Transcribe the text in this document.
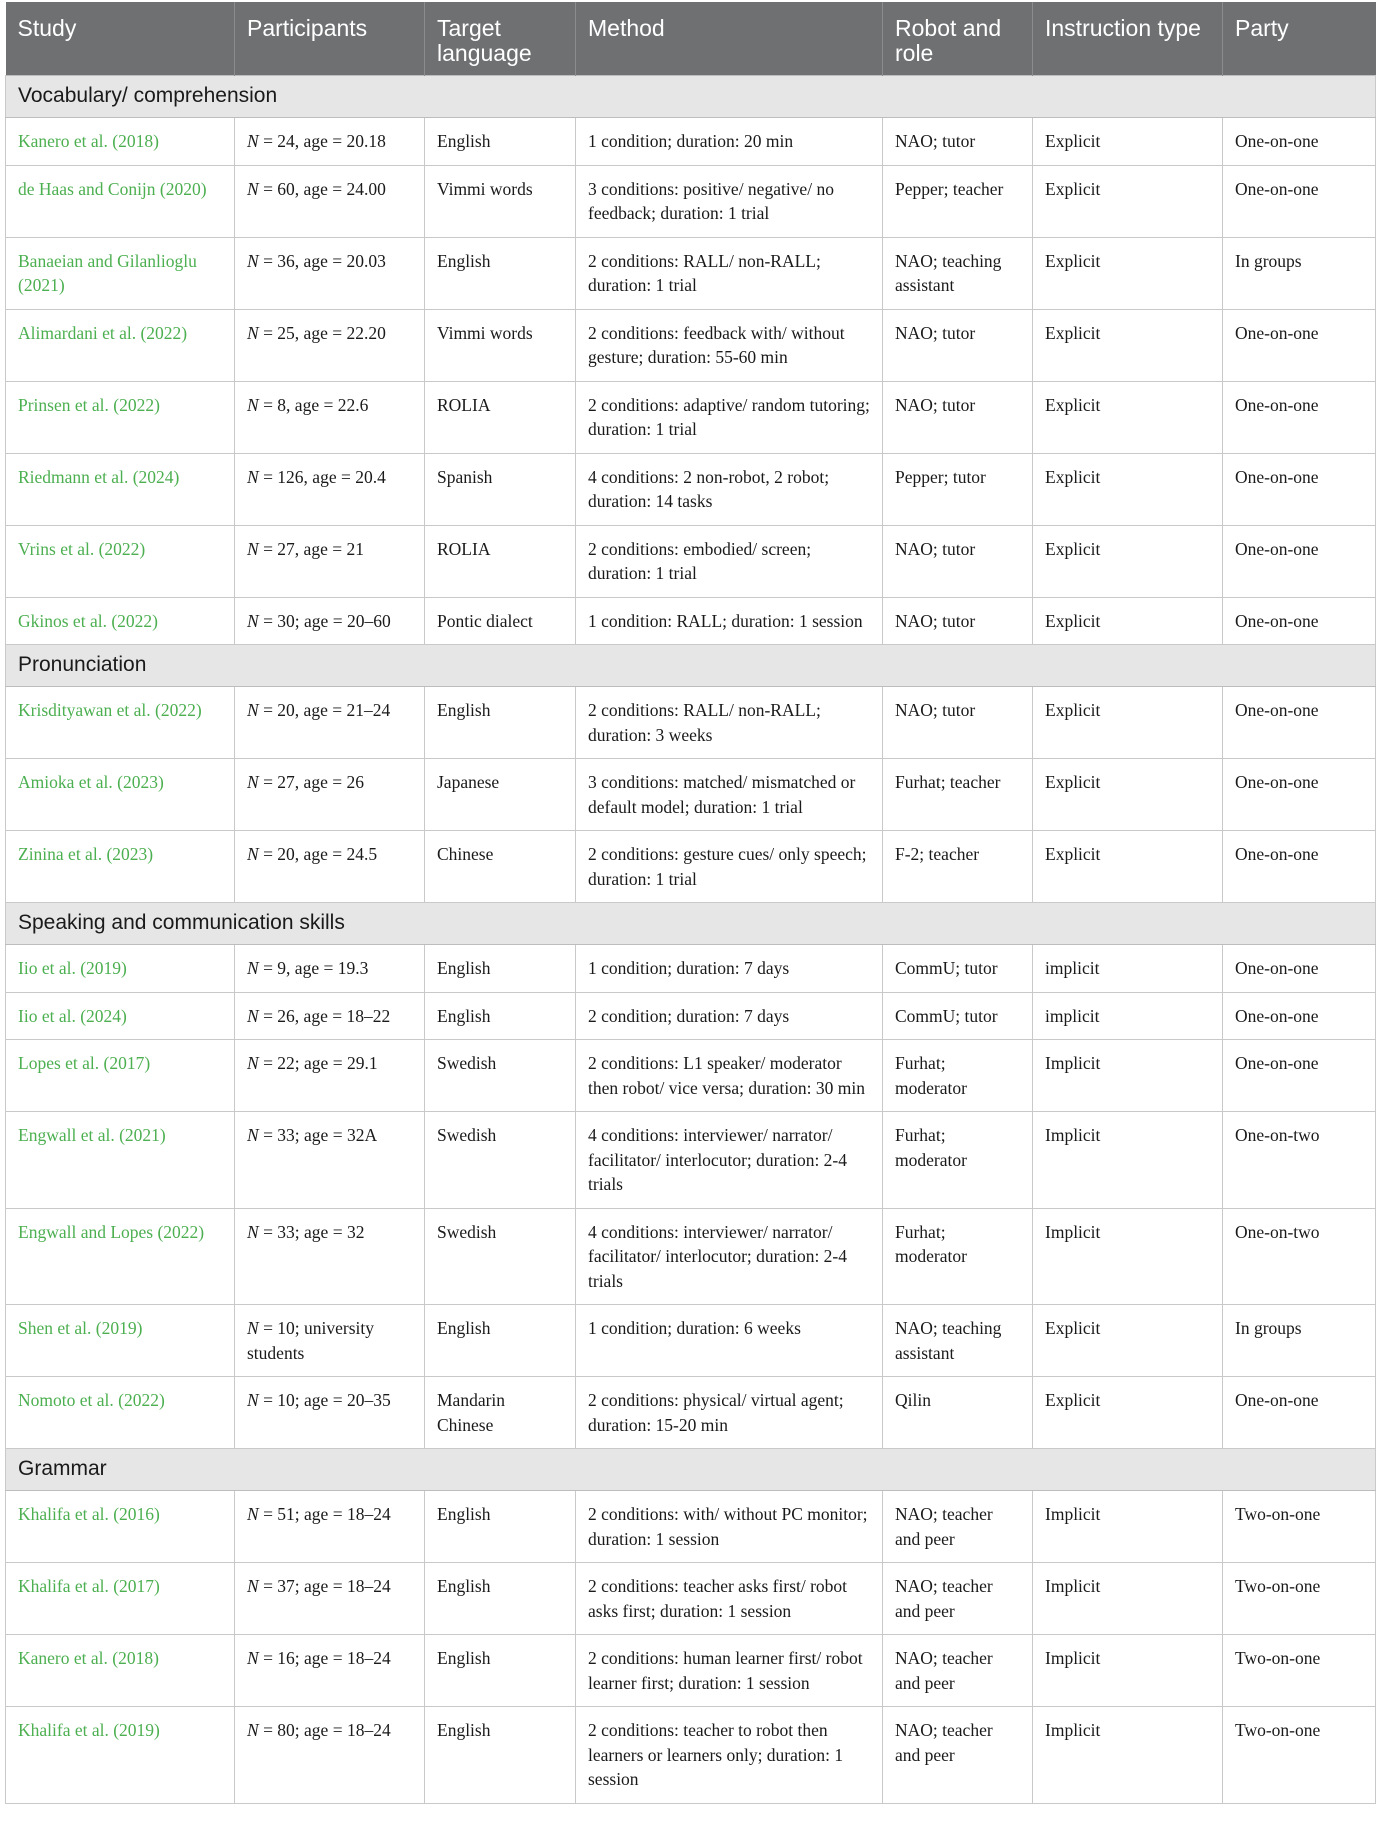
Study	Participants	Target language	Method	Robot and role	Instruction type	Party
Vocabulary/ comprehension						
Kanero et al. (2018)	N = 24, age = 20.18	English	1 condition; duration: 20 min	NAO; tutor	Explicit	One-on-one
de Haas and Conijn (2020)	N = 60, age = 24.00	Vimmi words	3 conditions: positive/ negative/ no feedback; duration: 1 trial	Pepper; teacher	Explicit	One-on-one
Banaeian and Gilanlioglu (2021)	N = 36, age = 20.03	English	2 conditions: RALL/ non-RALL; duration: 1 trial	NAO; teaching assistant	Explicit	In groups
Alimardani et al. (2022)	N = 25, age = 22.20	Vimmi words	2 conditions: feedback with/ without gesture; duration: 55-60 min	NAO; tutor	Explicit	One-on-one
Prinsen et al. (2022)	N = 8, age = 22.6	ROLIA	2 conditions: adaptive/ random tutoring; duration: 1 trial	NAO; tutor	Explicit	One-on-one
Riedmann et al. (2024)	N = 126, age = 20.4	Spanish	4 conditions: 2 non-robot, 2 robot; duration: 14 tasks	Pepper; tutor	Explicit	One-on-one
Vrins et al. (2022)	N = 27, age = 21	ROLIA	2 conditions: embodied/ screen; duration: 1 trial	NAO; tutor	Explicit	One-on-one
Gkinos et al. (2022)	N = 30; age = 20–60	Pontic dialect	1 condition: RALL; duration: 1 session	NAO; tutor	Explicit	One-on-one
Pronunciation						
Krisdityawan et al. (2022)	N = 20, age = 21–24	English	2 conditions: RALL/ non-RALL; duration: 3 weeks	NAO; tutor	Explicit	One-on-one
Amioka et al. (2023)	N = 27, age = 26	Japanese	3 conditions: matched/ mismatched or default model; duration: 1 trial	Furhat; teacher	Explicit	One-on-one
Zinina et al. (2023)	N = 20, age = 24.5	Chinese	2 conditions: gesture cues/ only speech; duration: 1 trial	F-2; teacher	Explicit	One-on-one
Speaking and communication skills						
Iio et al. (2019)	N = 9, age = 19.3	English	1 condition; duration: 7 days	CommU; tutor	implicit	One-on-one
Iio et al. (2024)	N = 26, age = 18–22	English	2 condition; duration: 7 days	CommU; tutor	implicit	One-on-one
Lopes et al. (2017)	N = 22; age = 29.1	Swedish	2 conditions: L1 speaker/ moderator then robot/ vice versa; duration: 30 min	Furhat; moderator	Implicit	One-on-one
Engwall et al. (2021)	N = 33; age = 32A	Swedish	4 conditions: interviewer/ narrator/ facilitator/ interlocutor; duration: 2-4 trials	Furhat; moderator	Implicit	One-on-two
Engwall and Lopes (2022)	N = 33; age = 32	Swedish	4 conditions: interviewer/ narrator/ facilitator/ interlocutor; duration: 2-4 trials	Furhat; moderator	Implicit	One-on-two
Shen et al. (2019)	N = 10; university students	English	1 condition; duration: 6 weeks	NAO; teaching assistant	Explicit	In groups
Nomoto et al. (2022)	N = 10; age = 20–35	Mandarin Chinese	2 conditions: physical/ virtual agent; duration: 15-20 min	Qilin	Explicit	One-on-one
Grammar						
Khalifa et al. (2016)	N = 51; age = 18–24	English	2 conditions: with/ without PC monitor; duration: 1 session	NAO; teacher and peer	Implicit	Two-on-one
Khalifa et al. (2017)	N = 37; age = 18–24	English	2 conditions: teacher asks first/ robot asks first; duration: 1 session	NAO; teacher and peer	Implicit	Two-on-one
Kanero et al. (2018)	N = 16; age = 18–24	English	2 conditions: human learner first/ robot learner first; duration: 1 session	NAO; teacher and peer	Implicit	Two-on-one
Khalifa et al. (2019)	N = 80; age = 18–24	English	2 conditions: teacher to robot then learners or learners only; duration: 1 session	NAO; teacher and peer	Implicit	Two-on-one
